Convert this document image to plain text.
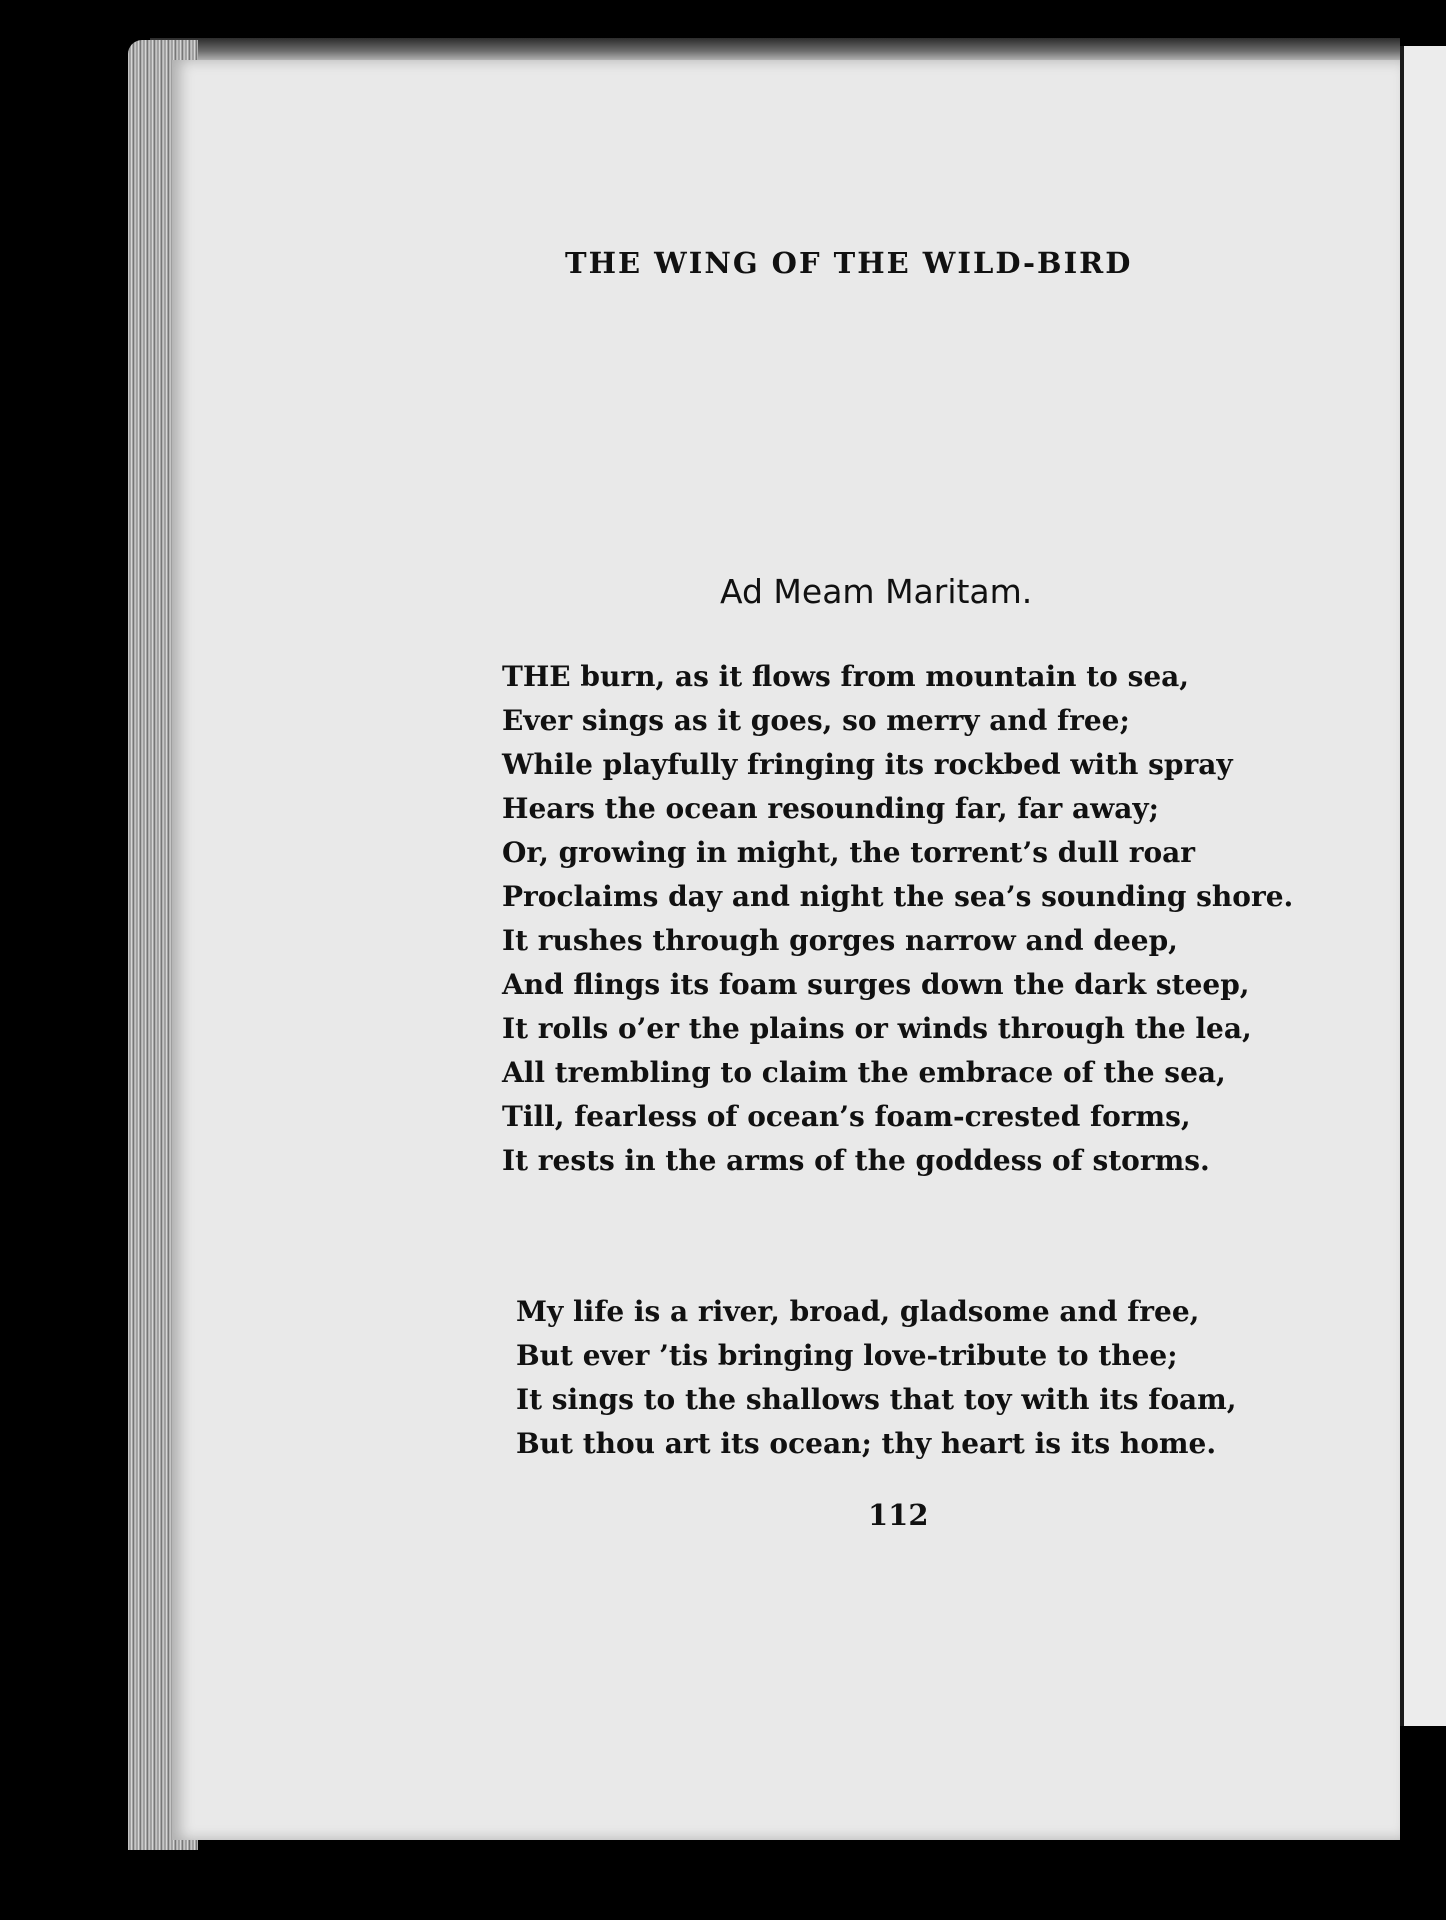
THE WING OF THE WILD-BIRD
Ad Meam Maritam.
THE burn, as it flows from mountain to sea,
Ever sings as it goes, so merry and free;
While playfully fringing its rockbed with spray
Hears the ocean resounding far, far away;
Or, growing in might, the torrent’s dull roar
Proclaims day and night the sea’s sounding shore.
It rushes through gorges narrow and deep,
And flings its foam surges down the dark steep,
It rolls o’er the plains or winds through the lea,
All trembling to claim the embrace of the sea,
Till, fearless of ocean’s foam-crested forms,
It rests in the arms of the goddess of storms.
My life is a river, broad, gladsome and free,
But ever ’tis bringing love-tribute to thee;
It sings to the shallows that toy with its foam,
But thou art its ocean; thy heart is its home.
112
